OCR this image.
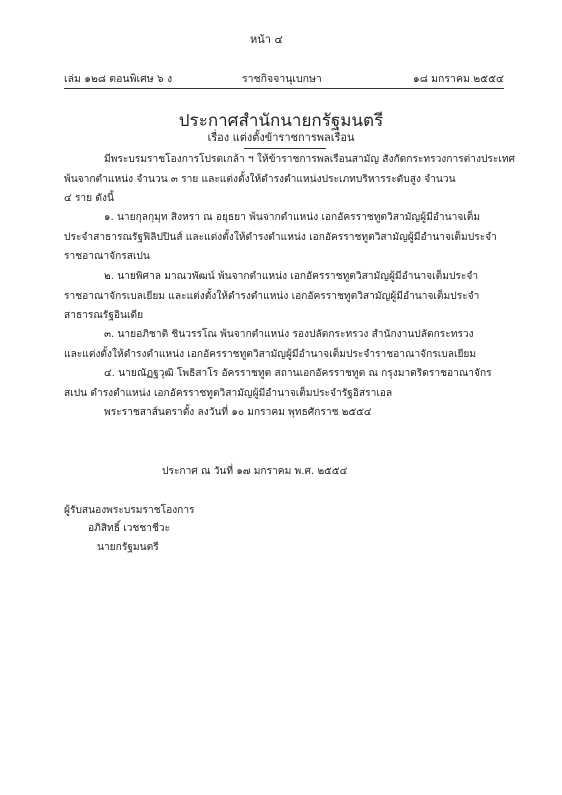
หน้า ๔
เล่ม ๑๒๘ ตอนพิเศษ ๖ ง	ราชกิจจานุเบกษา	๑๘ มกราคม ๒๕๕๔
ประกาศสำนักนายกรัฐมนตรี
เรื่อง แต่งตั้งข้าราชการพลเรือน
มีพระบรมราชโองการโปรดเกล้า ฯ ให้ข้าราชการพลเรือนสามัญ สังกัดกระทรวงการต่างประเทศ
พ้นจากตำแหน่ง จำนวน ๓ ราย และแต่งตั้งให้ดำรงตำแหน่งประเภทบริหารระดับสูง จำนวน
๔ ราย ดังนี้
๑. นายกุลกุมุท สิงหรา ณ อยุธยา พ้นจากตำแหน่ง เอกอัครราชทูตวิสามัญผู้มีอำนาจเต็ม
ประจำสาธารณรัฐฟิลิปปินส์ และแต่งตั้งให้ดำรงตำแหน่ง เอกอัครราชทูตวิสามัญผู้มีอำนาจเต็มประจำ
ราชอาณาจักรสเปน
๒. นายพิศาล มาณวพัฒน์ พ้นจากตำแหน่ง เอกอัครราชทูตวิสามัญผู้มีอำนาจเต็มประจำ
ราชอาณาจักรเบลเยียม และแต่งตั้งให้ดำรงตำแหน่ง เอกอัครราชทูตวิสามัญผู้มีอำนาจเต็มประจำ
สาธารณรัฐอินเดีย
๓. นายอภิชาติ ชินวรรโณ พ้นจากตำแหน่ง รองปลัดกระทรวง สำนักงานปลัดกระทรวง
และแต่งตั้งให้ดำรงตำแหน่ง เอกอัครราชทูตวิสามัญผู้มีอำนาจเต็มประจำราชอาณาจักรเบลเยียม
๔. นายณัฏฐวุฒิ โพธิสาโร อัครราชทูต สถานเอกอัครราชทูต ณ กรุงมาดริดราชอาณาจักร
สเปน ดำรงตำแหน่ง เอกอัครราชทูตวิสามัญผู้มีอำนาจเต็มประจำรัฐอิสราเอล
พระราชสาส์นตราตั้ง ลงวันที่ ๑๐ มกราคม พุทธศักราช ๒๕๕๔
ประกาศ ณ วันที่ ๑๗ มกราคม พ.ศ. ๒๕๕๔
ผู้รับสนองพระบรมราชโองการ
อภิสิทธิ์ เวชชาชีวะ
นายกรัฐมนตรี
